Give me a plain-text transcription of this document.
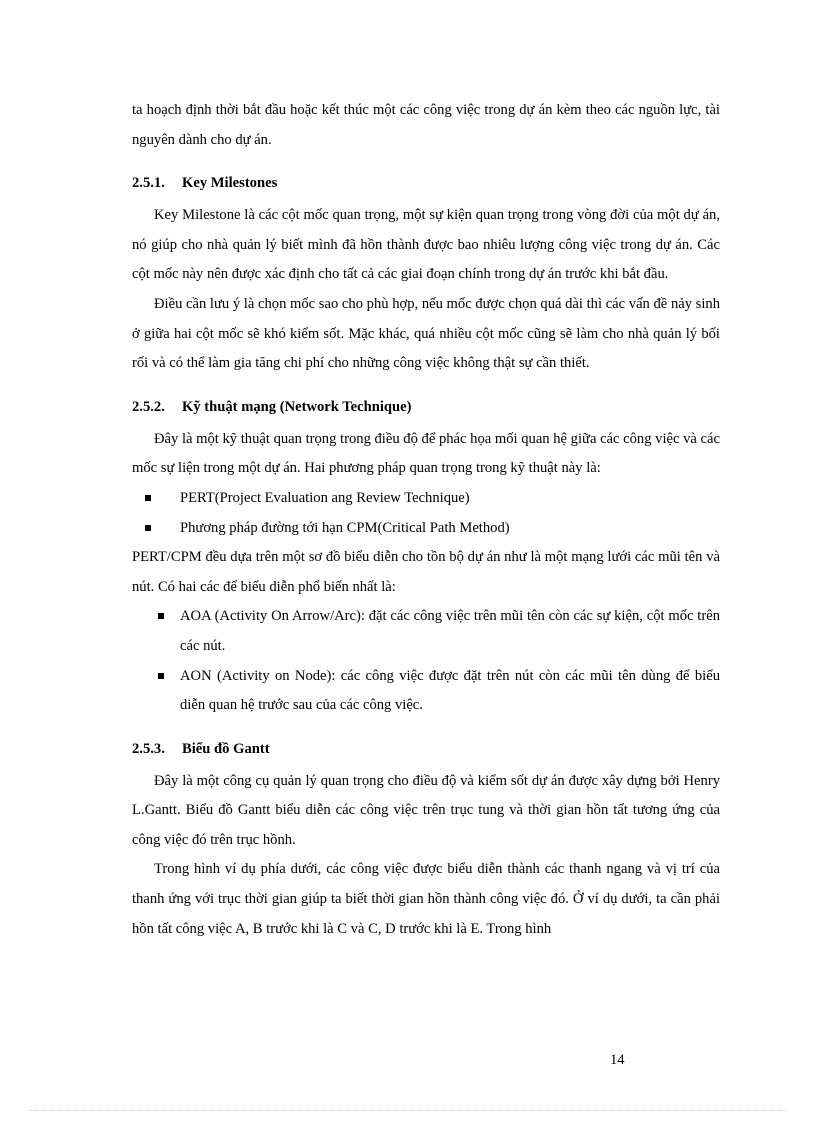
ta hoạch định thời bắt đầu hoặc kết thúc một các công việc trong dự án kèm theo các nguồn lực, tài nguyên dành cho dự án.

2.5.1. Key Milestones

Key Milestone là các cột mốc quan trọng, một sự kiện quan trọng trong vòng đời của một dự án, nó giúp cho nhà quản lý biết mình đã hồn thành được bao nhiêu lượng công việc trong dự án. Các cột mốc này nên được xác định cho tất cả các giai đoạn chính trong dự án trước khi bắt đầu.

Điều cần lưu ý là chọn mốc sao cho phù hợp, nếu mốc được chọn quá dài thì các vấn đề nảy sinh ở giữa hai cột mốc sẽ khó kiểm sốt. Mặc khác, quá nhiều cột mốc cũng sẽ làm cho nhà quản lý bối rối và có thể làm gia tăng chi phí cho những công việc không thật sự cần thiết.

2.5.2. Kỹ thuật mạng (Network Technique)

Đây là một kỹ thuật quan trọng trong điều độ để phác họa mối quan hệ giữa các công việc và các mốc sự liện trong một dự án. Hai phương pháp quan trọng trong kỹ thuật này là:

PERT(Project Evaluation ang Review Technique)
Phương pháp đường tới hạn CPM(Critical Path Method)

PERT/CPM đều dựa trên một sơ đồ biểu diễn cho tồn bộ dự án như là một mạng lưới các mũi tên và nút. Có hai các để biểu diễn phổ biến nhất là:

AOA (Activity On Arrow/Arc): đặt các công việc trên mũi tên còn các sự kiện, cột mốc trên các nút.
AON (Activity on Node): các công việc được đặt trên nút còn các mũi tên dùng để biểu diễn quan hệ trước sau của các công việc.
2.5.3. Biểu đồ Gantt

Đây là một công cụ quản lý quan trọng cho điều độ và kiểm sốt dự án được xây dựng bởi Henry L.Gantt. Biểu đồ Gantt biểu diễn các công việc trên trục tung và thời gian hồn tất tương ứng của công việc đó trên trục hồnh.

Trong hình ví dụ phía dưới, các công việc được biểu diễn thành các thanh ngang và vị trí của thanh ứng với trục thời gian giúp ta biết thời gian hồn thành công việc đó. Ở ví dụ dưới, ta cần phải hồn tất công việc A, B trước khi là C và C, D trước khi là E. Trong hình

14
